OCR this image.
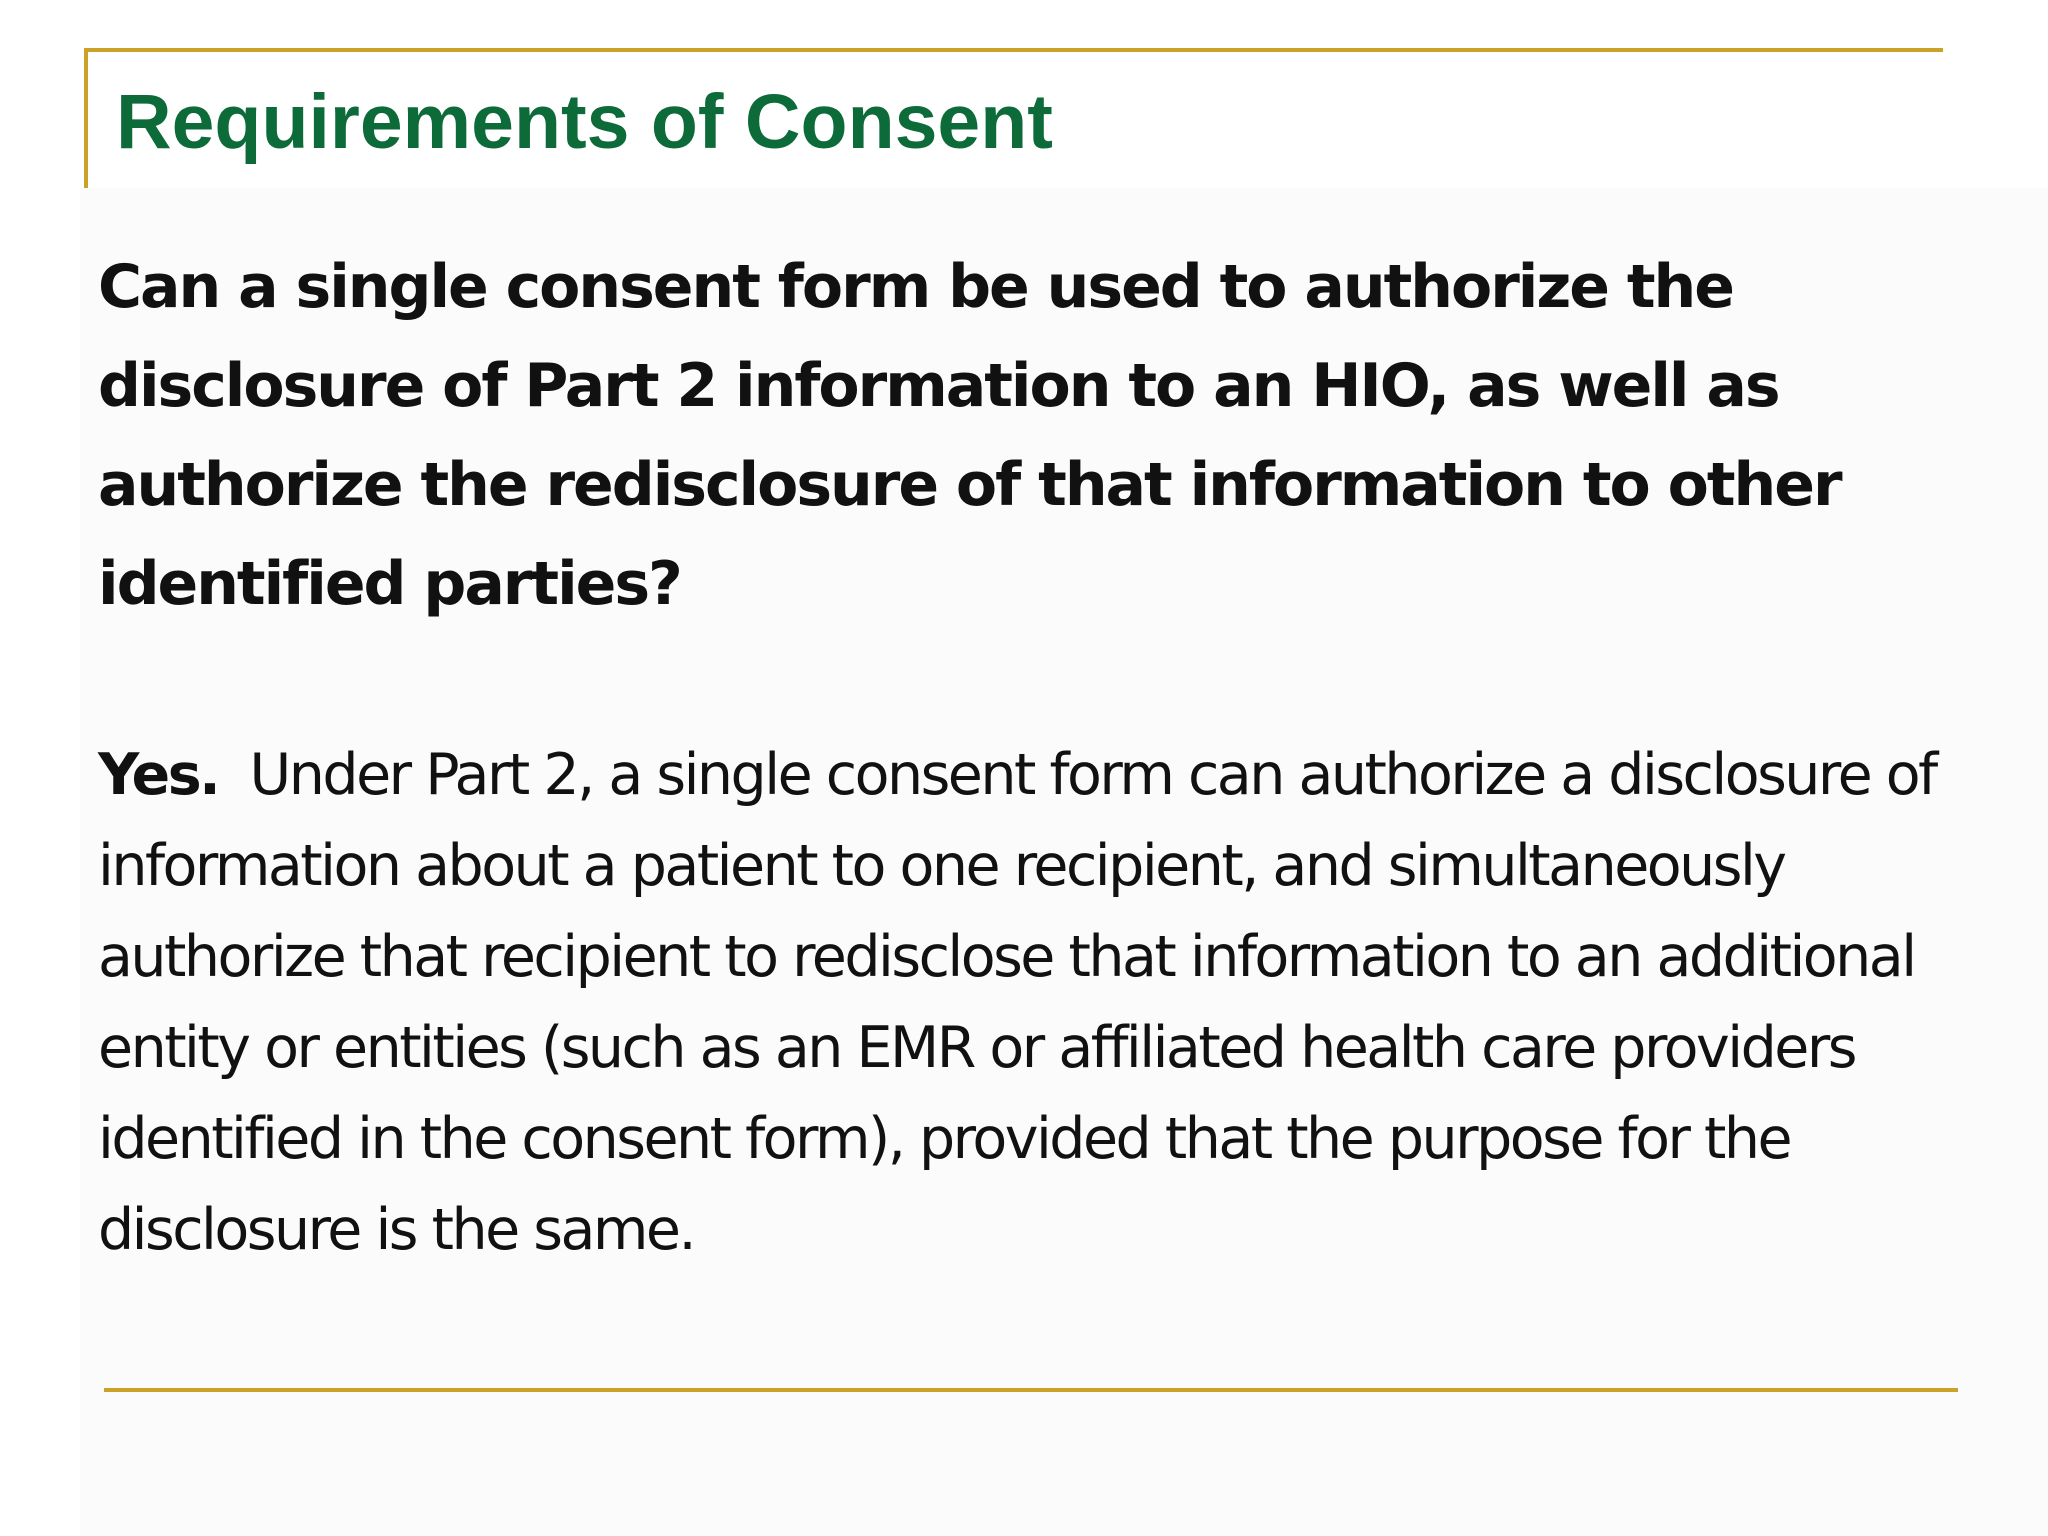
Requirements of Consent

Can a single consent form be used to authorize the disclosure of Part 2 information to an HIO, as well as authorize the redisclosure of that information to other identified parties?

Yes. Under Part 2, a single consent form can authorize a disclosure of information about a patient to one recipient, and simultaneously authorize that recipient to redisclose that information to an additional entity or entities (such as an EMR or affiliated health care providers identified in the consent form), provided that the purpose for the disclosure is the same.
